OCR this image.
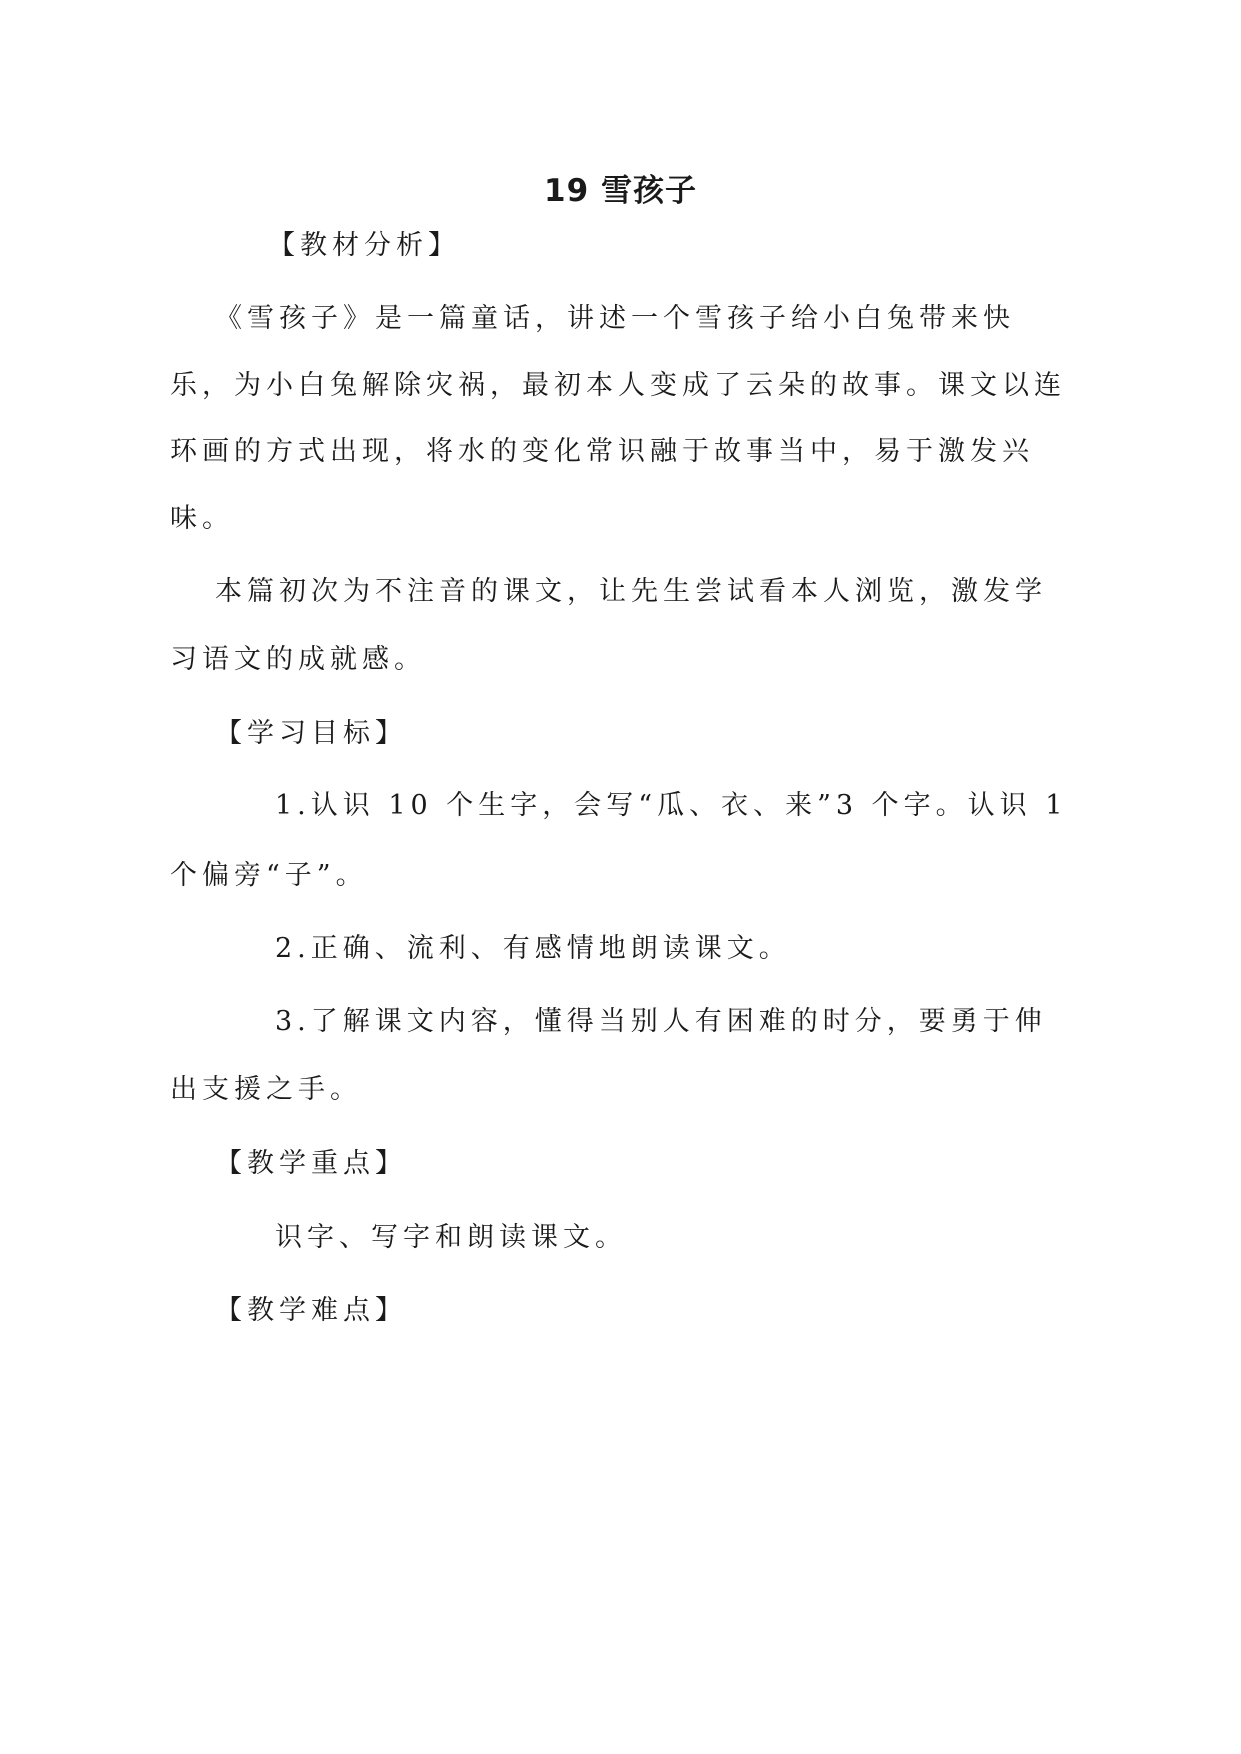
19 雪孩子
【教材分析】
《雪孩子》是一篇童话，讲述一个雪孩子给小白兔带来快
乐，为小白兔解除灾祸，最初本人变成了云朵的故事。课文以连
环画的方式出现，将水的变化常识融于故事当中，易于激发兴
味。
本篇初次为不注音的课文，让先生尝试看本人浏览，激发学
习语文的成就感。
【学习目标】
1.认识 10 个生字，会写“瓜、衣、来”3 个字。认识 1
个偏旁“子”。
2.正确、流利、有感情地朗读课文。
3.了解课文内容，懂得当别人有困难的时分，要勇于伸
出支援之手。
【教学重点】
识字、写字和朗读课文。
【教学难点】
